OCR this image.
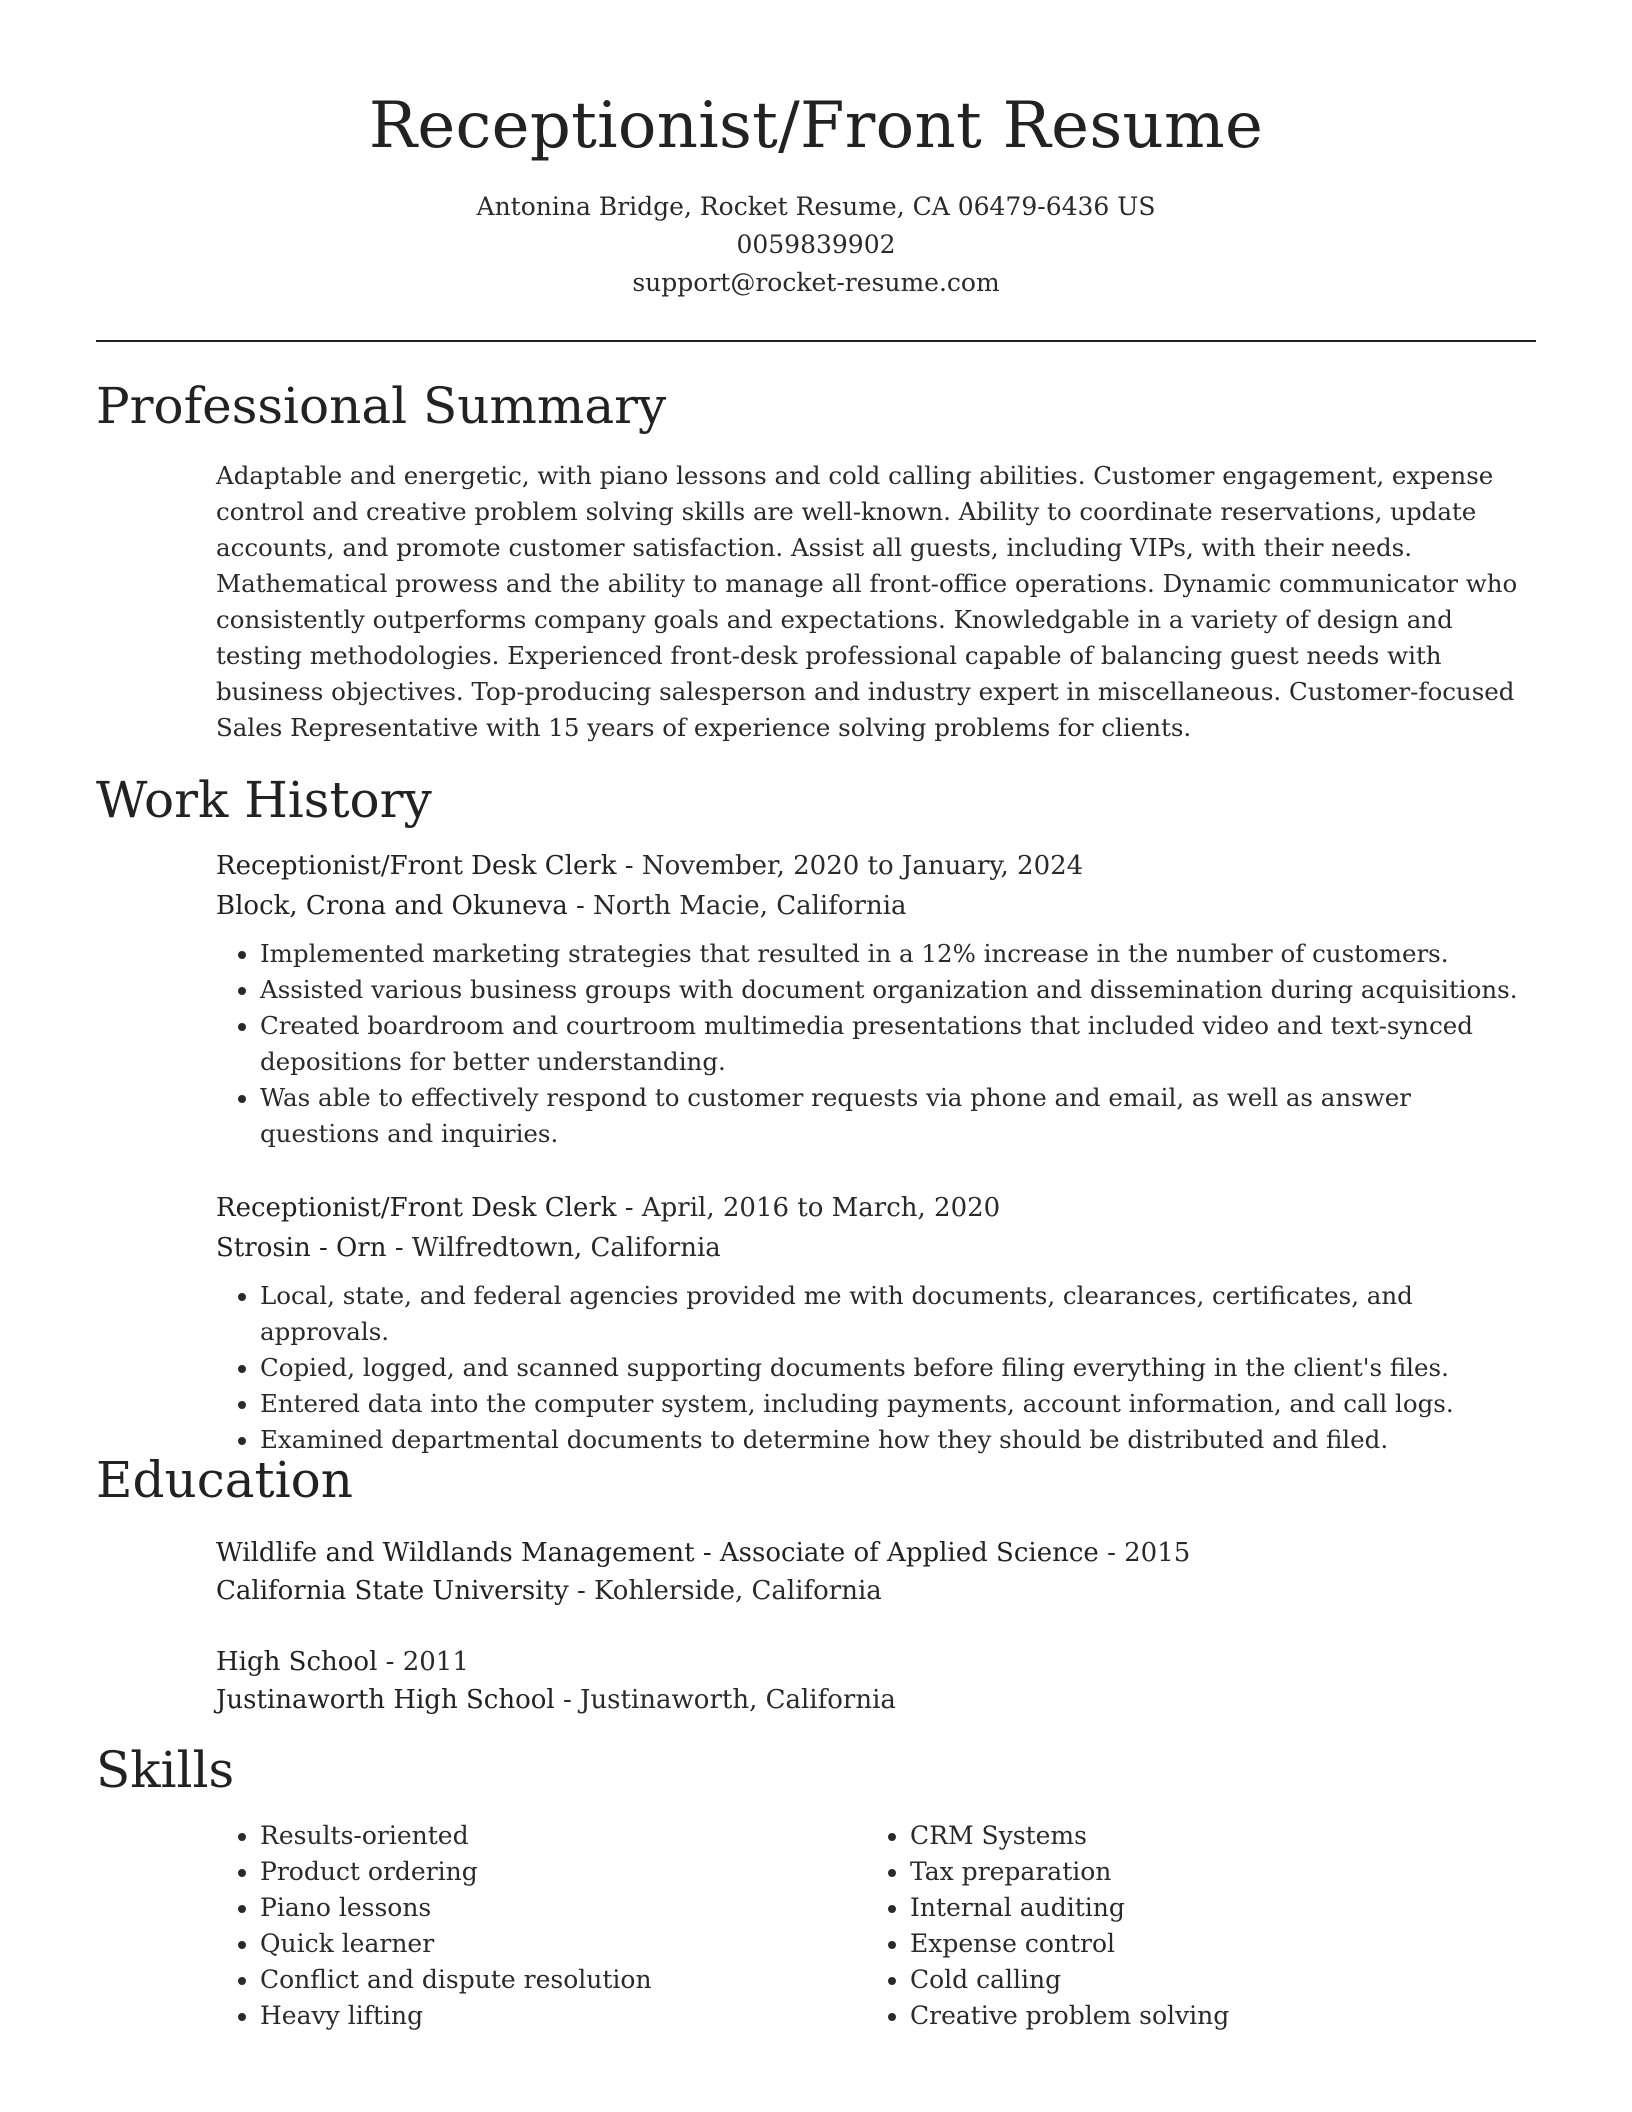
Receptionist/Front Resume
Antonina Bridge, Rocket Resume, CA 06479-6436 US
0059839902
support@rocket-resume.com
Professional Summary

Adaptable and energetic, with piano lessons and cold calling abilities. Customer engagement, expense control and creative problem solving skills are well-known. Ability to coordinate reservations, update accounts, and promote customer satisfaction. Assist all guests, including VIPs, with their needs. Mathematical prowess and the ability to manage all front-office operations. Dynamic communicator who consistently outperforms company goals and expectations. Knowledgable in a variety of design and testing methodologies. Experienced front-desk professional capable of balancing guest needs with business objectives. Top-producing salesperson and industry expert in miscellaneous. Customer-focused Sales Representative with 15 years of experience solving problems for clients.

Work History

Receptionist/Front Desk Clerk - November, 2020 to January, 2024

Block, Crona and Okuneva - North Macie, California

• Implemented marketing strategies that resulted in a 12% increase in the number of customers.
• Assisted various business groups with document organization and dissemination during acquisitions.
• Created boardroom and courtroom multimedia presentations that included video and text-synced depositions for better understanding.
• Was able to effectively respond to customer requests via phone and email, as well as answer questions and inquiries.

Receptionist/Front Desk Clerk - April, 2016 to March, 2020

Strosin - Orn - Wilfredtown, California

• Local, state, and federal agencies provided me with documents, clearances, certificates, and approvals.
• Copied, logged, and scanned supporting documents before filing everything in the client's files.
• Entered data into the computer system, including payments, account information, and call logs.
• Examined departmental documents to determine how they should be distributed and filed.
Education

Wildlife and Wildlands Management - Associate of Applied Science - 2015

California State University - Kohlerside, California

High School - 2011

Justinaworth High School - Justinaworth, California

Skills
• Results-oriented
• Product ordering
• Piano lessons
• Quick learner
• Conflict and dispute resolution
• Heavy lifting
• CRM Systems
• Tax preparation
• Internal auditing
• Expense control
• Cold calling
• Creative problem solving
